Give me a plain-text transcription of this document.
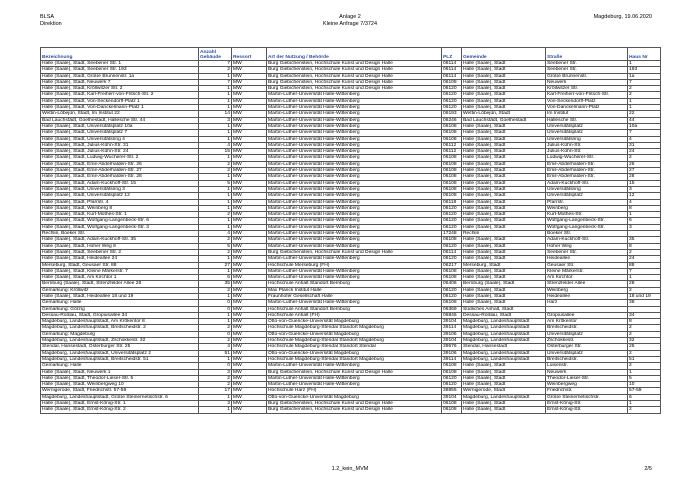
BLSA
Direktion
Anlage 2
Kleine Anfrage 7/3724
Magdeburg, 19.06.2020
Bezeichnung	Anzahl Gebäude	Ressort	Art der Nutzung / Behörde	PLZ	Gemeinde	Straße	Haus Nr
Halle (Saale), Stadt, Seebener Str. 1	7	MW	Burg Giebichenstein, Hochschule Kunst und Design Halle	06114	Halle (Saale), Stadt	Seebener Str.	1
Halle (Saale), Stadt, Seebener Str. 193	2	MW	Burg Giebichenstein, Hochschule Kunst und Design Halle	06114	Halle (Saale), Stadt	Seebener Str.	193
Halle (Saale), Stadt, Große Brunnenstr. 1a	1	MW	Burg Giebichenstein, Hochschule Kunst und Design Halle	06114	Halle (Saale), Stadt	Große Brunnenstr.	1a
Halle (Saale), Stadt, Neuwerk 7	7	MW	Burg Giebichenstein, Hochschule Kunst und Design Halle	06108	Halle (Saale), Stadt	Neuwerk	7
Halle (Saale), Stadt, Kröllwitzer Str. 2	1	MW	Burg Giebichenstein, Hochschule Kunst und Design Halle	06120	Halle (Saale), Stadt	Kröllwitzer Str.	2
Halle (Saale), Stadt, Karl-Freiherr-von-Fritsch-Str. 2	1	MW	Martin-Luther-Universität Halle-Wittenberg	06120	Halle (Saale), Stadt	Karl-Freiherr-von-Fritsch-Str.	2
Halle (Saale), Stadt, Von-Seckendorff-Platz 1	1	MW	Martin-Luther-Universität Halle-Wittenberg	06120	Halle (Saale), Stadt	Von-Seckendorff-Platz	1
Halle (Saale), Stadt, Von-Danckelmann-Platz 1	1	MW	Martin-Luther-Universität Halle-Wittenberg	06120	Halle (Saale), Stadt	Von-Danckelmann-Platz	1
Wettin-Löbejün, Stadt, Im Institut 22	14	MW	Martin-Luther-Universität Halle-Wittenberg	06193	Wettin-Löbejün, Stadt	Im Institut	22
Bad Lauchstädt, Goethestadt, Hallesche Str. 44	3	MW	Martin-Luther-Universität Halle-Wittenberg	06246	Bad Lauchstädt, Goethestadt	Hallesche Str.	44
Halle (Saale), Stadt, Universitätsplatz 10a	1	MW	Martin-Luther-Universität Halle-Wittenberg	06108	Halle (Saale), Stadt	Universitätsplatz	10a
Halle (Saale), Stadt, Universitätsplatz 7	1	MW	Martin-Luther-Universität Halle-Wittenberg	06108	Halle (Saale), Stadt	Universitätsplatz	7
Halle (Saale), Stadt, Universitätsring 4	1	MW	Martin-Luther-Universität Halle-Wittenberg	06108	Halle (Saale), Stadt	Universitätsring	4
Halle (Saale), Stadt, Julius-Kühn-Str. 31	4	MW	Martin-Luther-Universität Halle-Wittenberg	06112	Halle (Saale), Stadt	Julius-Kühn-Str.	31
Halle (Saale), Stadt, Julius-Kühn-Str. 24	15	MW	Martin-Luther-Universität Halle-Wittenberg	06112	Halle (Saale), Stadt	Julius-Kühn-Str.	24
Halle (Saale), Stadt, Ludwig-Wucherer-Str. 2	1	MW	Martin-Luther-Universität Halle-Wittenberg	06108	Halle (Saale), Stadt	Ludwig-Wucherer-Str.	2
Halle (Saale), Stadt, Emil-Abderhalden-Str. 26	2	MW	Martin-Luther-Universität Halle-Wittenberg	06108	Halle (Saale), Stadt	Emil-Abderhalden-Str.	26
Halle (Saale), Stadt, Emil-Abderhalden-Str. 27	2	MW	Martin-Luther-Universität Halle-Wittenberg	06108	Halle (Saale), Stadt	Emil-Abderhalden-Str.	27
Halle (Saale), Stadt, Emil-Abderhalden-Str. 28	1	MW	Martin-Luther-Universität Halle-Wittenberg	06108	Halle (Saale), Stadt	Emil-Abderhalden-Str.	28
Halle (Saale), Stadt, Adam-Kuckhoff-Str. 15	5	MW	Martin-Luther-Universität Halle-Wittenberg	06108	Halle (Saale), Stadt	Adam-Kuckhoff-Str.	15
Halle (Saale), Stadt, Universitätsring 3	1	MW	Martin-Luther-Universität Halle-Wittenberg	06108	Halle (Saale), Stadt	Universitätsring	3
Halle (Saale), Stadt, Universitätsplatz 12	1	MW	Martin-Luther-Universität Halle-Wittenberg	06108	Halle (Saale), Stadt	Universitätsplatz	12
Halle (Saale), Stadt, Pfarrstr. 4	1	MW	Martin-Luther-Universität Halle-Wittenberg	06118	Halle (Saale), Stadt	Pfarrstr.	4
Halle (Saale), Stadt, Weinberg 8	1	MW	Martin-Luther-Universität Halle-Wittenberg	06120	Halle (Saale), Stadt	Weinberg	8
Halle (Saale), Stadt, Kurt-Mothes-Str. 1	2	MW	Martin-Luther-Universität Halle-Wittenberg	06120	Halle (Saale), Stadt	Kurt-Mothes-Str.	1
Halle (Saale), Stadt, Wolfgang-Langenbeck-Str. 6	1	MW	Martin-Luther-Universität Halle-Wittenberg	06120	Halle (Saale), Stadt	Wolfgang-Langenbeck-Str.	6
Halle (Saale), Stadt, Wolfgang-Langenbeck-Str. 3	1	MW	Martin-Luther-Universität Halle-Wittenberg	06120	Halle (Saale), Stadt	Wolfgang-Langenbeck-Str.	3
Rechlin, Boeker Str.	4	MW	Martin-Luther-Universität Halle-Wittenberg	17248	Rechlin	Boeker Str.	
Halle (Saale), Stadt, Adam-Kuckhoff-Str. 35	2	MW	Martin-Luther-Universität Halle-Wittenberg	06108	Halle (Saale), Stadt	Adam-Kuckhoff-Str.	35
Halle (Saale), Stadt, Hoher Weg 8	5	MW	Martin-Luther-Universität Halle-Wittenberg	06120	Halle (Saale), Stadt	Hoher Weg	8
Halle (Saale), Stadt, Seebener Str. 2	2	MW	Burg Giebichenstein, Hochschule Kunst und Design Halle	06114	Halle (Saale), Stadt	Seebener Str.	2
Halle (Saale), Stadt, Heideallee 24	1	MW	Martin-Luther-Universität Halle-Wittenberg	06120	Halle (Saale), Stadt	Heideallee	24
Merseburg, Stadt, Geusaer Str. 88	27	MW	Hochschule Merseburg (FH)	06217	Merseburg, Stadt	Geusaer Str.	88
Halle (Saale), Stadt, Kleine Märkerstr. 7	1	MW	Martin-Luther-Universität Halle-Wittenberg	06108	Halle (Saale), Stadt	Kleine Märkerstr.	7
Halle (Saale), Stadt, Am Kirchtor 1	6	MW	Martin-Luther-Universität Halle-Wittenberg	06108	Halle (Saale), Stadt	Am Kirchtor	1
Bernburg (Saale), Stadt, Strenzfelder Allee 28	35	MW	Hochschule Anhalt Standort Bernburg	06406	Bernburg (Saale), Stadt	Strenzfelder Allee	28
Gemarkung: Kröllwitz	2	MW	Max Planck Institut Halle	06120	Halle (Saale), Stadt	Weinberg	2
Halle (Saale), Stadt, Heideallee 18 und 19	1	MW	Fraunhofer Gesellschaft Halle	06120	Halle (Saale), Stadt	Heideallee	18 und 19
Gemarkung: Halle	0	MW	Martin-Luther-Universität Halle-Wittenberg	06108	Halle (Saale), Stadt	Harz	38
Gemarkung: Görzig	0	MW	Hochschule Anhalt Standort Bernburg	06369	Südliches Anhalt, Stadt		
Dessau-Roßlau, Stadt, Gropiusallee 34	1	MW	Hochschule Anhalt (FH)	06846	Dessau-Roßlau, Stadt	Gropiusallee	34
Magdeburg, Landeshauptstadt, Am Krökentor 8	1	MW	Otto-von-Guericke-Universität Magdeburg	39104	Magdeburg, Landeshauptstadt	Am Krökentor	8
Magdeburg, Landeshauptstadt, Breitscheidstr. 2	2	MW	Hochschule Magdeburg-Stendal Standort Magdeburg	39114	Magdeburg, Landeshauptstadt	Breitscheidstr.	2
Gemarkung: Magdeburg	0	MW	Otto-von-Guericke-Universität Magdeburg	39106	Magdeburg, Landeshauptstadt	Universitätsplatz	2
Magdeburg, Landeshauptstadt, Zschokkestr. 32	2	MW	Hochschule Magdeburg-Stendal Standort Magdeburg	39104	Magdeburg, Landeshauptstadt	Zschokkestr.	32
Stendal, Hansestadt, Osterburger Str. 25	4	MW	Hochschule Magdeburg-Stendal Standort Stendal	39576	Stendal, Hansestadt	Osterburger Str.	25
Magdeburg, Landeshauptstadt, Universitätsplatz 2	51	MW	Otto-von-Guericke-Universität Magdeburg	39106	Magdeburg, Landeshauptstadt	Universitätsplatz	2
Magdeburg, Landeshauptstadt, Breitscheidstr. 51	1	MW	Hochschule Magdeburg-Stendal Standort Magdeburg	39114	Magdeburg, Landeshauptstadt	Breitscheidstr.	51
Gemarkung: Halle	0	MW	Martin-Luther-Universität Halle-Wittenberg	06108	Halle (Saale), Stadt	Luisenstr.	2
Halle (Saale), Stadt, Neuwerk 1	3	MW	Burg Giebichenstein, Hochschule Kunst und Design Halle	06108	Halle (Saale), Stadt	Neuwerk	1
Halle (Saale), Stadt, Theodor-Lieser-Str. 5	2	MW	Martin-Luther-Universität Halle-Wittenberg	06120	Halle (Saale), Stadt	Theodor-Lieser-Str.	5
Halle (Saale), Stadt, Weinbergweg 10	2	MW	Martin-Luther-Universität Halle-Wittenberg	06120	Halle (Saale), Stadt	Weinbergweg	10
Wernigerode, Stadt, Friedrichstr. 57-59	17	MW	Hochschule Harz (FH)	38855	Wernigerode, Stadt	Friedrichstr.	57-59
Magdeburg, Landeshauptstadt, Große Steinernetischstr. 6	1	MW	Otto-von-Guericke-Universität Magdeburg	39104	Magdeburg, Landeshauptstadt	Große Steinernetischstr.	6
Halle (Saale), Stadt, Ernst-König-Str. 1	3	MW	Burg Giebichenstein, Hochschule Kunst und Design Halle	06108	Halle (Saale), Stadt	Ernst-König-Str.	1
Halle (Saale), Stadt, Ernst-König-Str. 2	1	MW	Burg Giebichenstein, Hochschule Kunst und Design Halle	06108	Halle (Saale), Stadt	Ernst-König-Str.	2
1.2_kein_MVM	2/5
